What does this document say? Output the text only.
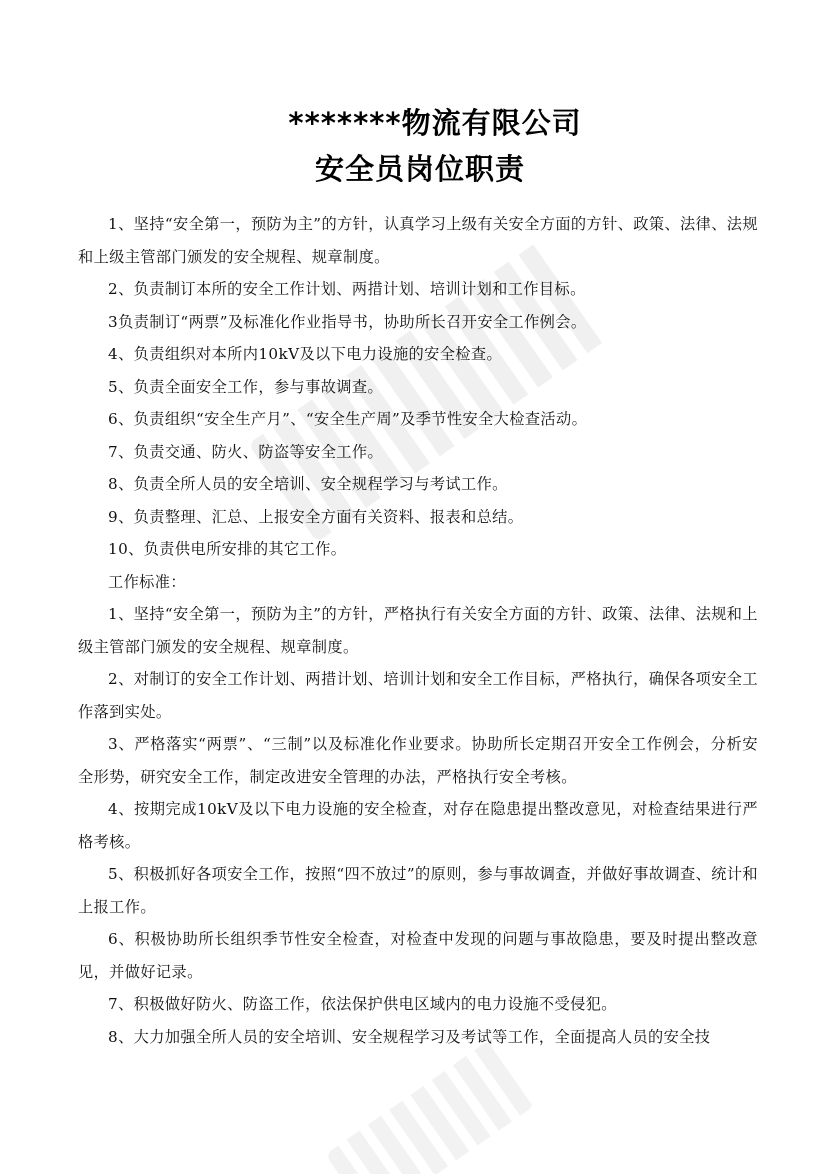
*******物流有限公司
安全员岗位职责

1、坚持“安全第一，预防为主”的方针，认真学习上级有关安全方面的方针、政策、法律、法规和上级主管部门颁发的安全规程、规章制度。

2、负责制订本所的安全工作计划、两措计划、培训计划和工作目标。

3负责制订“两票”及标准化作业指导书，协助所长召开安全工作例会。

4、负责组织对本所内10kV及以下电力设施的安全检查。

5、负责全面安全工作，参与事故调查。

6、负责组织“安全生产月”、“安全生产周”及季节性安全大检查活动。

7、负责交通、防火、防盗等安全工作。

8、负责全所人员的安全培训、安全规程学习与考试工作。

9、负责整理、汇总、上报安全方面有关资料、报表和总结。

10、负责供电所安排的其它工作。

工作标准：

1、坚持“安全第一，预防为主”的方针，严格执行有关安全方面的方针、政策、法律、法规和上级主管部门颁发的安全规程、规章制度。

2、对制订的安全工作计划、两措计划、培训计划和安全工作目标，严格执行，确保各项安全工作落到实处。

3、严格落实“两票”、“三制”以及标准化作业要求。协助所长定期召开安全工作例会，分析安全形势，研究安全工作，制定改进安全管理的办法，严格执行安全考核。

4、按期完成10kV及以下电力设施的安全检查，对存在隐患提出整改意见，对检查结果进行严格考核。

5、积极抓好各项安全工作，按照“四不放过”的原则，参与事故调查，并做好事故调查、统计和上报工作。

6、积极协助所长组织季节性安全检查，对检查中发现的问题与事故隐患，要及时提出整改意见，并做好记录。

7、积极做好防火、防盗工作，依法保护供电区域内的电力设施不受侵犯。

8、大力加强全所人员的安全培训、安全规程学习及考试等工作，全面提高人员的安全技
